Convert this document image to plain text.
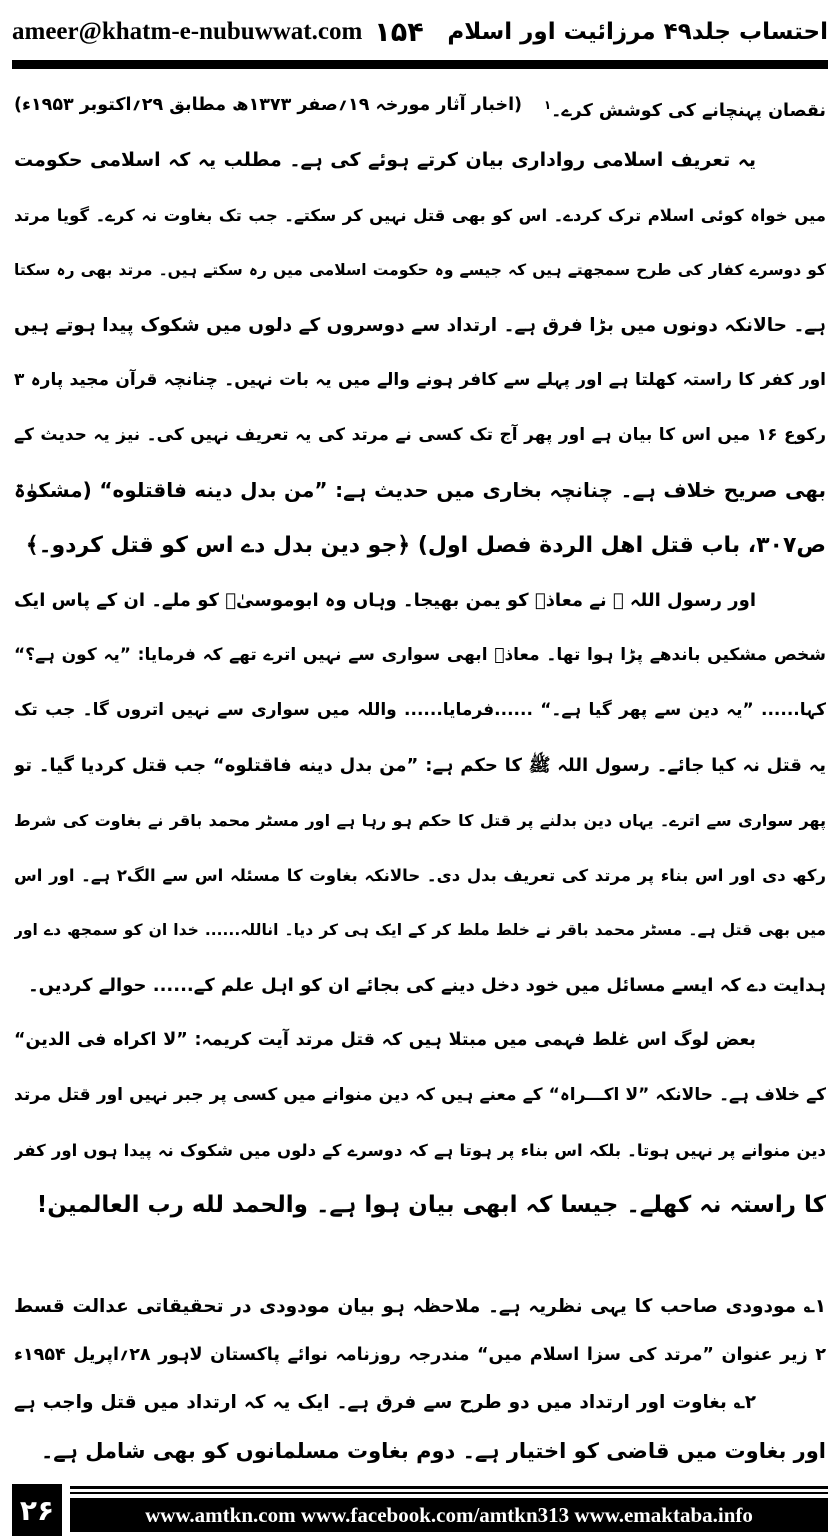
ameer@khatm-e-nubuwwat.com ۱۵۴ احتساب جلد۴۹ مرزائیت اور اسلام
نقصان پہنچانے کی کوشش کرے۔$^۱$
(اخبار آثار مورخہ ۱۹؍صفر ۱۳۷۳ھ مطابق ۲۹؍اکتوبر ۱۹۵۳ء)
یہ تعریف اسلامی رواداری بیان کرتے ہوئے کی ہے۔ مطلب یہ کہ اسلامی حکومت
میں خواہ کوئی اسلام ترک کردے۔ اس کو بھی قتل نہیں کر سکتے۔ جب تک بغاوت نہ کرے۔ گویا مرتد
کو دوسرے کفار کی طرح سمجھتے ہیں کہ جیسے وہ حکومت اسلامی میں رہ سکتے ہیں۔ مرتد بھی رہ سکتا
ہے۔ حالانکہ دونوں میں بڑا فرق ہے۔ ارتداد سے دوسروں کے دلوں میں شکوک پیدا ہوتے ہیں
اور کفر کا راستہ کھلتا ہے اور پہلے سے کافر ہونے والے میں یہ بات نہیں۔ چنانچہ قرآن مجید پارہ ۳
رکوع ۱۶ میں اس کا بیان ہے اور پھر آج تک کسی نے مرتد کی یہ تعریف نہیں کی۔ نیز یہ حدیث کے
بھی صریح خلاف ہے۔ چنانچہ بخاری میں حدیث ہے: ”من بدل دينه فاقتلوه“ (مشکوٰۃ
ص۳۰۷، باب قتل اهل الردة فصل اول) ﴿جو دین بدل دے اس کو قتل کردو۔﴾
اور رسول اللہ ﷺ نے معاذؓ کو یمن بھیجا۔ وہاں وہ ابوموسیٰؓ کو ملے۔ ان کے پاس ایک
شخص مشکیں باندھے پڑا ہوا تھا۔ معاذؓ ابھی سواری سے نہیں اترے تھے کہ فرمایا: ”یہ کون ہے؟“
کہا...... ”یہ دین سے پھر گیا ہے۔“ ......فرمایا...... واللہ میں سواری سے نہیں اتروں گا۔ جب تک
یہ قتل نہ کیا جائے۔ رسول اللہ ﷺ کا حکم ہے: ”من بدل دينه فاقتلوه“ جب قتل کردیا گیا۔ تو
پھر سواری سے اترے۔ یہاں دین بدلنے پر قتل کا حکم ہو رہا ہے اور مسٹر محمد باقر نے بغاوت کی شرط
رکھ دی اور اس بناء پر مرتد کی تعریف بدل دی۔ حالانکہ بغاوت کا مسئلہ اس سے الگ۲ ہے۔ اور اس
میں بھی قتل ہے۔ مسٹر محمد باقر نے خلط ملط کر کے ایک ہی کر دیا۔ اناللہ...... خدا ان کو سمجھ دے اور
ہدایت دے کہ ایسے مسائل میں خود دخل دینے کی بجائے ان کو اہل علم کے...... حوالے کردیں۔
بعض لوگ اس غلط فہمی میں مبتلا ہیں کہ قتل مرتد آیت کریمہ: ”لا اکراه فی الدین“
کے خلاف ہے۔ حالانکہ ”لا اکـــراہ“ کے معنے ہیں کہ دین منوانے میں کسی پر جبر نہیں اور قتل مرتد
دین منوانے پر نہیں ہوتا۔ بلکہ اس بناء پر ہوتا ہے کہ دوسرے کے دلوں میں شکوک نہ پیدا ہوں اور کفر
کا راستہ نہ کھلے۔ جیسا کہ ابھی بیان ہوا ہے۔ والحمد لله رب العالمين!
۱؎ مودودی صاحب کا یہی نظریہ ہے۔ ملاحظہ ہو بیان مودودی در تحقیقاتی عدالت قسط
۲ زیر عنوان ”مرتد کی سزا اسلام میں“ مندرجہ روزنامہ نوائے پاکستان لاہور ۲۸؍اپریل ۱۹۵۴ء
۲؎ بغاوت اور ارتداد میں دو طرح سے فرق ہے۔ ایک یہ کہ ارتداد میں قتل واجب ہے
اور بغاوت میں قاضی کو اختیار ہے۔ دوم بغاوت مسلمانوں کو بھی شامل ہے۔
۲۶	www.amtkn.com www.facebook.com/amtkn313 www.emaktaba.info
